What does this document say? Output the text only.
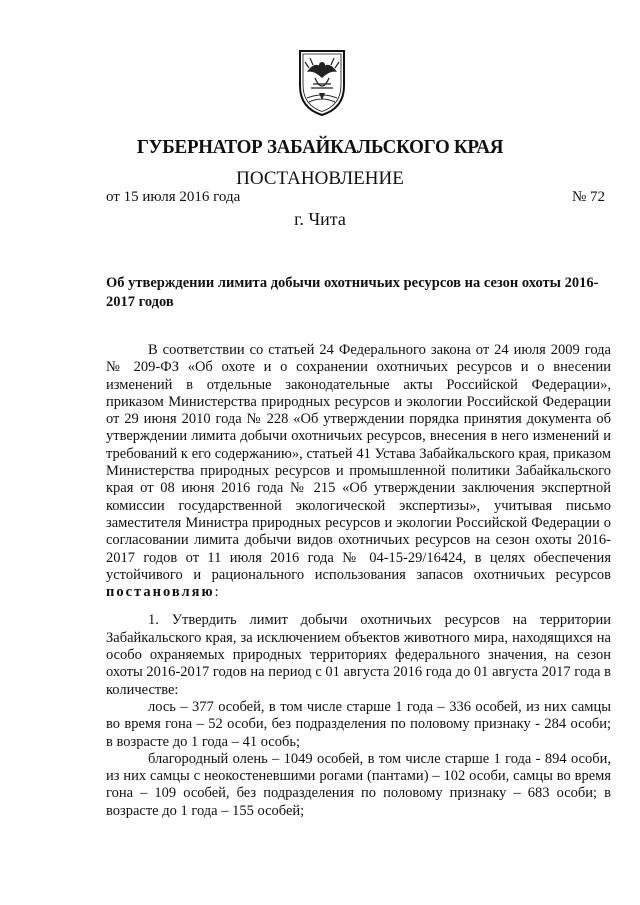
ГУБЕРНАТОР ЗАБАЙКАЛЬСКОГО КРАЯ
ПОСТАНОВЛЕНИЕ
от 15 июля 2016 года	№ 72
г. Чита
Об утверждении лимита добычи охотничьих ресурсов на сезон охоты 2016-2017 годов

В соответствии со статьей 24 Федерального закона от 24 июля 2009 года № 209-ФЗ «Об охоте и о сохранении охотничьих ресурсов и о внесении изменений в отдельные законодательные акты Российской Федерации», приказом Министерства природных ресурсов и экологии Российской Федерации от 29 июня 2010 года № 228 «Об утверждении порядка принятия документа об утверждении лимита добычи охотничьих ресурсов, внесения в него изменений и требований к его содержанию», статьей 41 Устава Забайкальского края, приказом Министерства природных ресурсов и промышленной политики Забайкальского края от 08 июня 2016 года № 215 «Об утверждении заключения экспертной комиссии государственной экологической экспертизы», учитывая письмо заместителя Министра природных ресурсов и экологии Российской Федерации о согласовании лимита добычи видов охотничьих ресурсов на сезон охоты 2016-2017 годов от 11 июля 2016 года № 04-15-29/16424, в целях обеспечения устойчивого и рационального использования запасов охотничьих ресурсов постановляю:

1. Утвердить лимит добычи охотничьих ресурсов на территории Забайкальского края, за исключением объектов животного мира, находящихся на особо охраняемых природных территориях федерального значения, на сезон охоты 2016-2017 годов на период с 01 августа 2016 года до 01 августа 2017 года в количестве:

лось – 377 особей, в том числе старше 1 года – 336 особей, из них самцы во время гона – 52 особи, без подразделения по половому признаку - 284 особи; в возрасте до 1 года – 41 особь;

благородный олень – 1049 особей, в том числе старше 1 года - 894 особи, из них самцы с неокостеневшими рогами (пантами) – 102 особи, самцы во время гона – 109 особей, без подразделения по половому признаку – 683 особи; в возрасте до 1 года – 155 особей;
